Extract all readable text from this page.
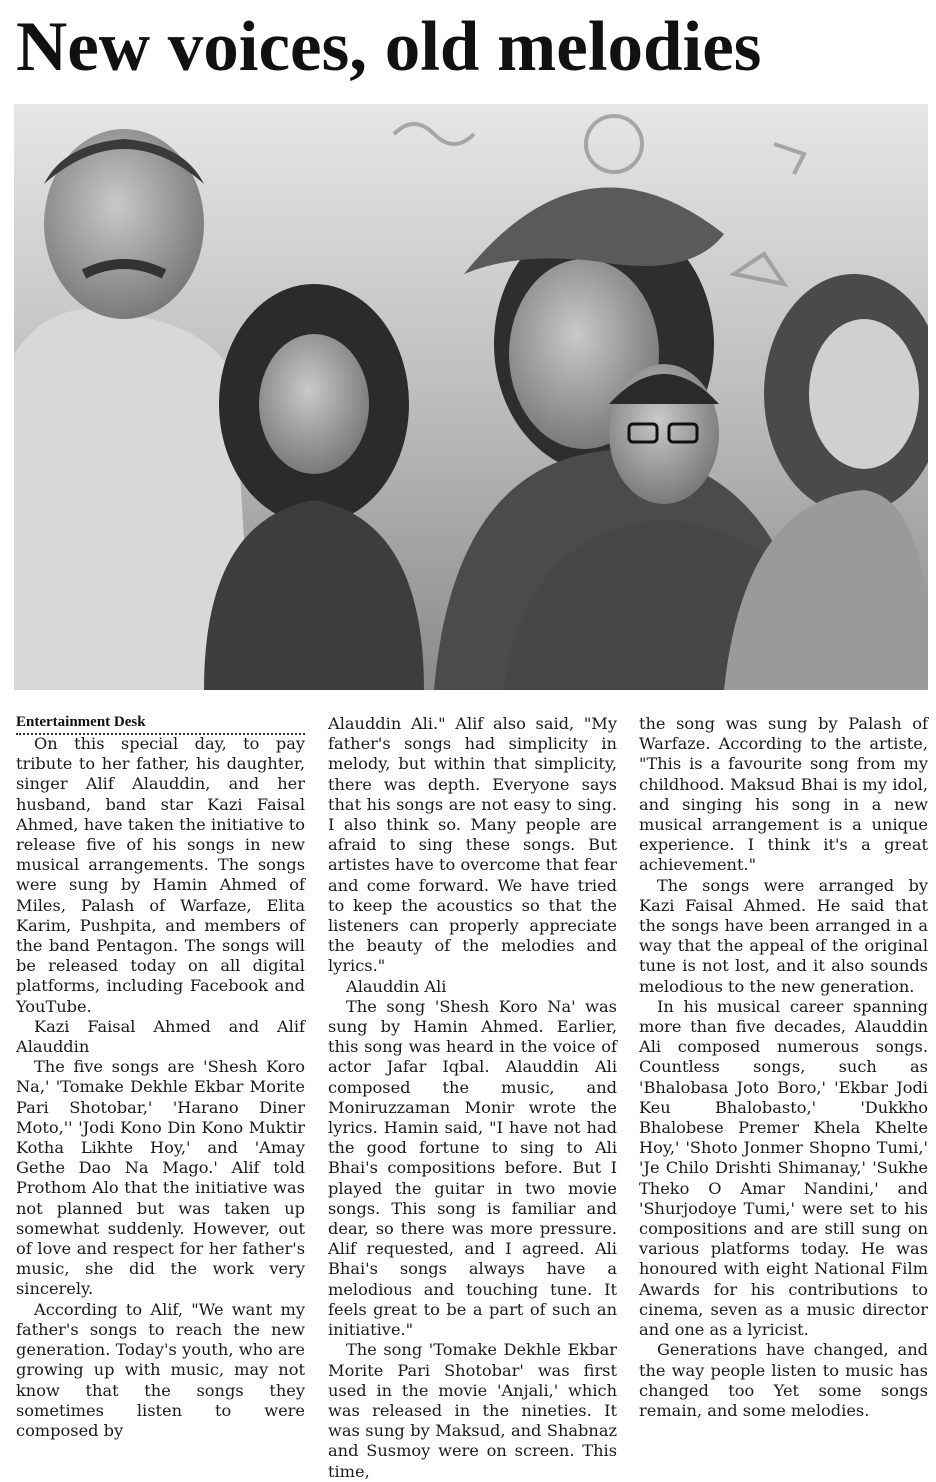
New voices, old melodies
Entertainment Desk

On this special day, to pay tribute to her father, his daughter, singer Alif Alauddin, and her husband, band star Kazi Faisal Ahmed, have taken the initiative to release five of his songs in new musical arrangements. The songs were sung by Hamin Ahmed of Miles, Palash of Warfaze, Elita Karim, Pushpita, and members of the band Pentagon. The songs will be released today on all digital platforms, including Facebook and YouTube.

Kazi Faisal Ahmed and Alif Alauddin

The five songs are 'Shesh Koro Na,' 'Tomake Dekhle Ekbar Morite Pari Shotobar,' 'Harano Diner Moto,'' 'Jodi Kono Din Kono Muktir Kotha Likhte Hoy,' and 'Amay Gethe Dao Na Mago.' Alif told Prothom Alo that the initiative was not planned but was taken up somewhat suddenly. However, out of love and respect for her father's music, she did the work very sincerely.

According to Alif, "We want my father's songs to reach the new generation. Today's youth, who are growing up with music, may not know that the songs they sometimes listen to were composed by

Alauddin Ali." Alif also said, "My father's songs had simplicity in melody, but within that simplicity, there was depth. Everyone says that his songs are not easy to sing. I also think so. Many people are afraid to sing these songs. But artistes have to overcome that fear and come forward. We have tried to keep the acoustics so that the listeners can properly appreciate the beauty of the melodies and lyrics."

Alauddin Ali

The song 'Shesh Koro Na' was sung by Hamin Ahmed. Earlier, this song was heard in the voice of actor Jafar Iqbal. Alauddin Ali composed the music, and Moniruzzaman Monir wrote the lyrics. Hamin said, "I have not had the good fortune to sing to Ali Bhai's compositions before. But I played the guitar in two movie songs. This song is familiar and dear, so there was more pressure. Alif requested, and I agreed. Ali Bhai's songs always have a melodious and touching tune. It feels great to be a part of such an initiative."

The song 'Tomake Dekhle Ekbar Morite Pari Shotobar' was first used in the movie 'Anjali,' which was released in the nineties. It was sung by Maksud, and Shabnaz and Susmoy were on screen. This time,

the song was sung by Palash of Warfaze. According to the artiste, "This is a favourite song from my childhood. Maksud Bhai is my idol, and singing his song in a new musical arrangement is a unique experience. I think it's a great achievement."

The songs were arranged by Kazi Faisal Ahmed. He said that the songs have been arranged in a way that the appeal of the original tune is not lost, and it also sounds melodious to the new generation.

In his musical career spanning more than five decades, Alauddin Ali composed numerous songs. Countless songs, such as 'Bhalobasa Joto Boro,' 'Ekbar Jodi Keu Bhalobasto,' 'Dukkho Bhalobese Premer Khela Khelte Hoy,' 'Shoto Jonmer Shopno Tumi,' 'Je Chilo Drishti Shimanay,' 'Sukhe Theko O Amar Nandini,' and 'Shurjodoye Tumi,' were set to his compositions and are still sung on various platforms today. He was honoured with eight National Film Awards for his contributions to cinema, seven as a music director and one as a lyricist.

Generations have changed, and the way people listen to music has changed too Yet some songs remain, and some melodies.
